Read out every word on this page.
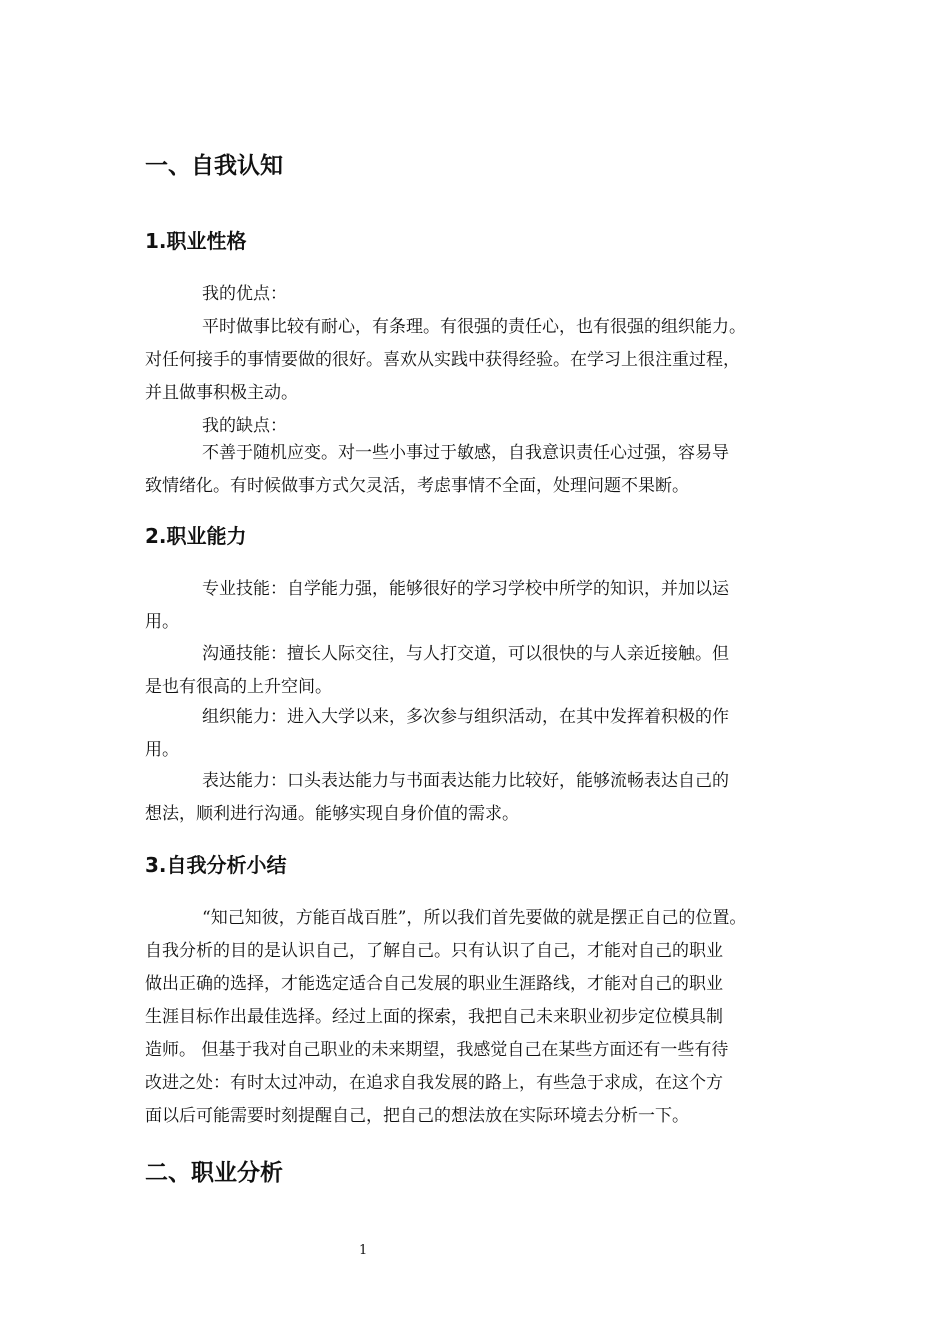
一、自我认知
1.职业性格

我的优点：

平时做事比较有耐心，有条理。有很强的责任心，也有很强的组织能力。
对任何接手的事情要做的很好。喜欢从实践中获得经验。在学习上很注重过程，
并且做事积极主动。

我的缺点：

不善于随机应变。对一些小事过于敏感，自我意识责任心过强，容易导
致情绪化。有时候做事方式欠灵活，考虑事情不全面，处理问题不果断。

2.职业能力

专业技能：自学能力强，能够很好的学习学校中所学的知识，并加以运
用。

沟通技能：擅长人际交往，与人打交道，可以很快的与人亲近接触。但
是也有很高的上升空间。

组织能力：进入大学以来，多次参与组织活动，在其中发挥着积极的作
用。

表达能力：口头表达能力与书面表达能力比较好，能够流畅表达自己的
想法，顺利进行沟通。能够实现自身价值的需求。

3.自我分析小结

“知己知彼，方能百战百胜”，所以我们首先要做的就是摆正自己的位置。
自我分析的目的是认识自己，了解自己。只有认识了自己，才能对自己的职业
做出正确的选择，才能选定适合自己发展的职业生涯路线，才能对自己的职业
生涯目标作出最佳选择。经过上面的探索，我把自己未来职业初步定位模具制
造师。 但基于我对自己职业的未来期望，我感觉自己在某些方面还有一些有待
改进之处：有时太过冲动，在追求自我发展的路上，有些急于求成，在这个方
面以后可能需要时刻提醒自己，把自己的想法放在实际环境去分析一下。

二、职业分析
1
